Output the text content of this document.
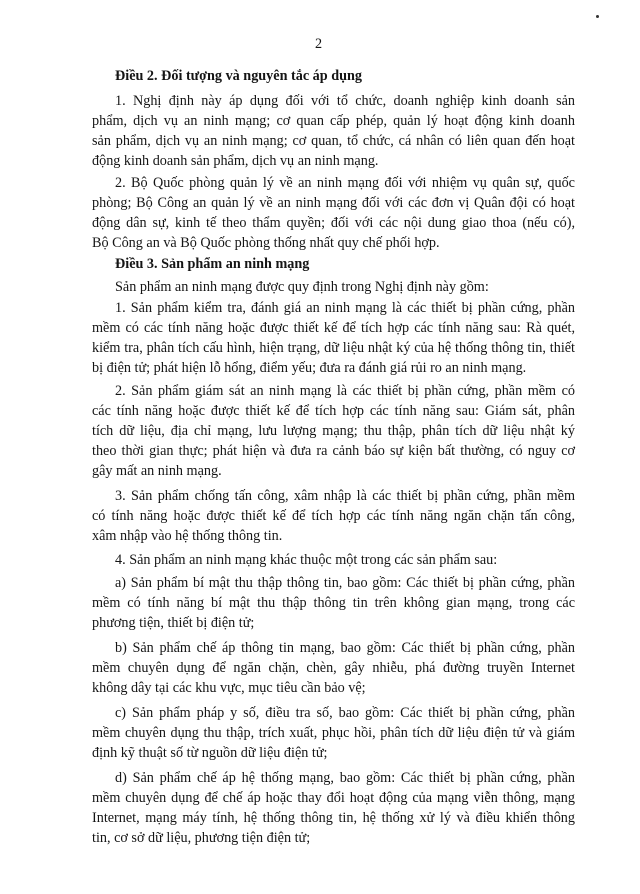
2
Điều 2. Đối tượng và nguyên tắc áp dụng
1. Nghị định này áp dụng đối với tổ chức, doanh nghiệp kinh doanh sản
phẩm, dịch vụ an ninh mạng; cơ quan cấp phép, quản lý hoạt động kinh doanh
sản phẩm, dịch vụ an ninh mạng; cơ quan, tổ chức, cá nhân có liên quan đến hoạt
động kinh doanh sản phẩm, dịch vụ an ninh mạng.
2. Bộ Quốc phòng quản lý về an ninh mạng đối với nhiệm vụ quân sự, quốc
phòng; Bộ Công an quản lý về an ninh mạng đối với các đơn vị Quân đội có hoạt
động dân sự, kinh tế theo thẩm quyền; đối với các nội dung giao thoa (nếu có),
Bộ Công an và Bộ Quốc phòng thống nhất quy chế phối hợp.
Điều 3. Sản phẩm an ninh mạng
Sản phẩm an ninh mạng được quy định trong Nghị định này gồm:
1. Sản phẩm kiểm tra, đánh giá an ninh mạng là các thiết bị phần cứng, phần
mềm có các tính năng hoặc được thiết kế để tích hợp các tính năng sau: Rà quét,
kiểm tra, phân tích cấu hình, hiện trạng, dữ liệu nhật ký của hệ thống thông tin, thiết
bị điện tử; phát hiện lỗ hổng, điểm yếu; đưa ra đánh giá rủi ro an ninh mạng.
2. Sản phẩm giám sát an ninh mạng là các thiết bị phần cứng, phần mềm có
các tính năng hoặc được thiết kế để tích hợp các tính năng sau: Giám sát, phân
tích dữ liệu, địa chỉ mạng, lưu lượng mạng; thu thập, phân tích dữ liệu nhật ký
theo thời gian thực; phát hiện và đưa ra cảnh báo sự kiện bất thường, có nguy cơ
gây mất an ninh mạng.
3. Sản phẩm chống tấn công, xâm nhập là các thiết bị phần cứng, phần mềm
có tính năng hoặc được thiết kế để tích hợp các tính năng ngăn chặn tấn công,
xâm nhập vào hệ thống thông tin.
4. Sản phẩm an ninh mạng khác thuộc một trong các sản phẩm sau:
a) Sản phẩm bí mật thu thập thông tin, bao gồm: Các thiết bị phần cứng, phần
mềm có tính năng bí mật thu thập thông tin trên không gian mạng, trong các
phương tiện, thiết bị điện tử;
b) Sản phẩm chế áp thông tin mạng, bao gồm: Các thiết bị phần cứng, phần
mềm chuyên dụng để ngăn chặn, chèn, gây nhiễu, phá đường truyền Internet
không dây tại các khu vực, mục tiêu cần bảo vệ;
c) Sản phẩm pháp y số, điều tra số, bao gồm: Các thiết bị phần cứng, phần
mềm chuyên dụng thu thập, trích xuất, phục hồi, phân tích dữ liệu điện tử và giám
định kỹ thuật số từ nguồn dữ liệu điện tử;
d) Sản phẩm chế áp hệ thống mạng, bao gồm: Các thiết bị phần cứng, phần
mềm chuyên dụng để chế áp hoặc thay đổi hoạt động của mạng viễn thông, mạng
Internet, mạng máy tính, hệ thống thông tin, hệ thống xử lý và điều khiển thông
tin, cơ sở dữ liệu, phương tiện điện tử;
